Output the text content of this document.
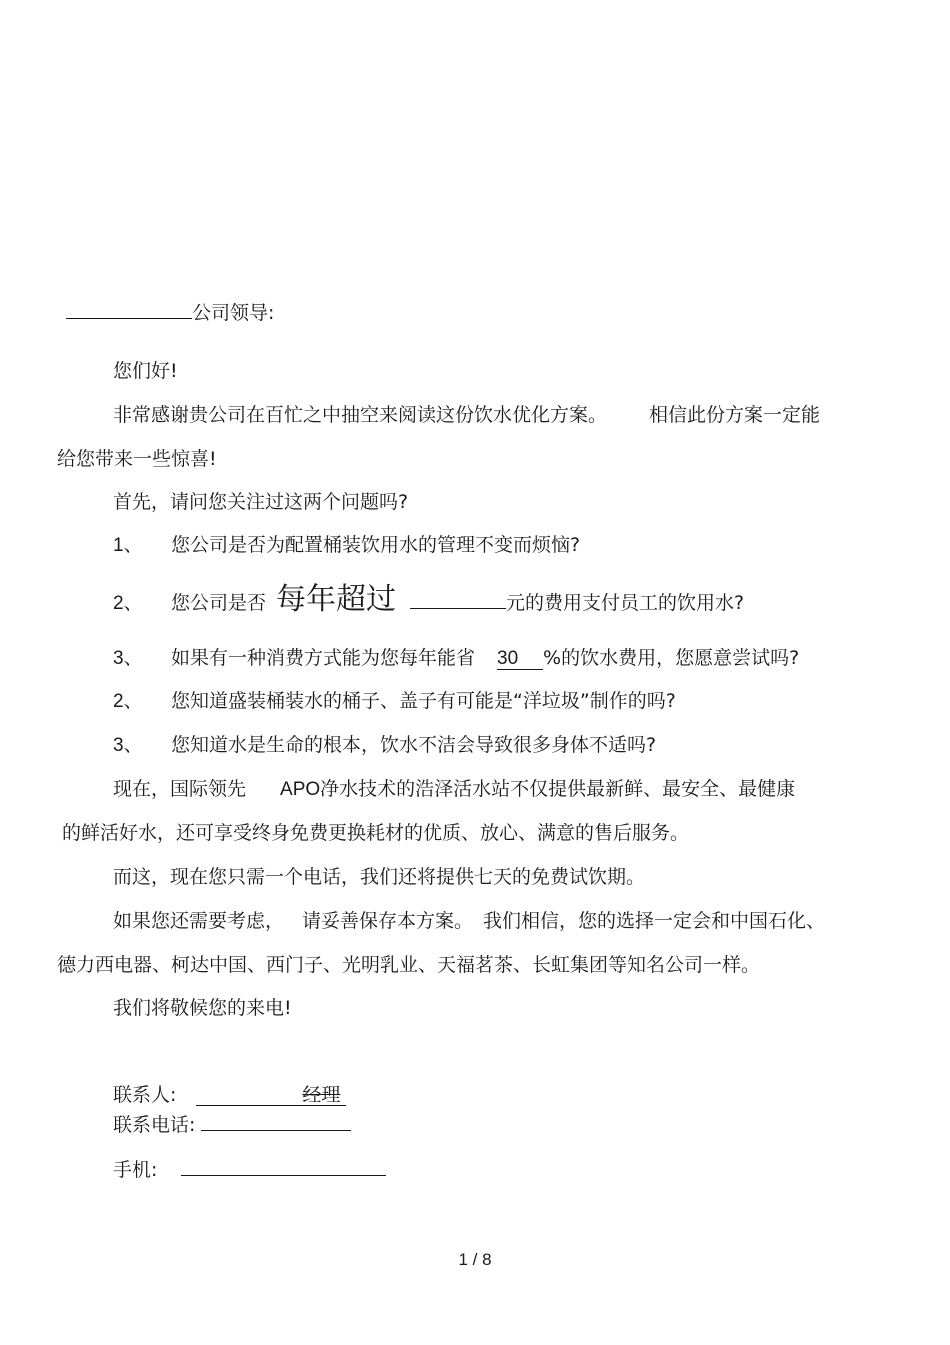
公司领导:
您们好!
非常感谢贵公司在百忙之中抽空来阅读这份饮水优化方案。 相信此份方案一定能
给您带来一些惊喜!
首先，请问您关注过这两个问题吗?
1、 您公司是否为配置桶装饮用水的管理不变而烦恼?
2、 您公司是否 每年超过	元的费用支付员工的饮用水?
3、 如果有一种消费方式能为您每年能省 30 %的饮水费用，您愿意尝试吗?
2、 您知道盛装桶装水的桶子、盖子有可能是“洋垃圾”制作的吗?
3、 您知道水是生命的根本，饮水不洁会导致很多身体不适吗?
现在，国际领先 APO净水技术的浩泽活水站不仅提供最新鲜、最安全、最健康
的鲜活好水，还可享受终身免费更换耗材的优质、放心、满意的售后服务。
而这，现在您只需一个电话，我们还将提供七天的免费试饮期。
如果您还需要考虑， 请妥善保存本方案。 我们相信，您的选择一定会和中国石化、
德力西电器、柯达中国、西门子、光明乳业、天福茗茶、长虹集团等知名公司一样。
我们将敬候您的来电!
联系人:	经理
联系电话:
手机:
1 / 8
